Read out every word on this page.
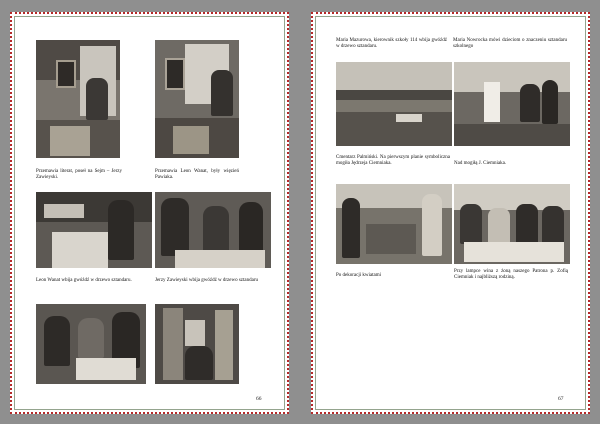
Przemawia literat, poseł na Sejm – Jerzy Zawieyski.
Przemawia Leon Wanat, były więzień Pawiaka.
Leon Wanat wbija gwóźdź w drzewo sztandaru.	Jerzy Zawieyski wbija gwóźdź w drzewo sztandaru
66
Maria Mazurowa, kierownik szkoły 114 wbija gwóźdź w drzewo sztandaru.
Maria Nowrocka mówi dzieciom o znaczeniu sztandaru szkolnego
Cmentarz Palmiński. Na pierwszym planie symboliczna mogiła Jędrzeja Ciemniaka.	Nad mogiłą J. Ciemniaka.
Po dekoracji kwiatami
Przy lampce wina z żoną naszego Patrona p. Zofią Ciemniak i najbliższą rodziną.
67
